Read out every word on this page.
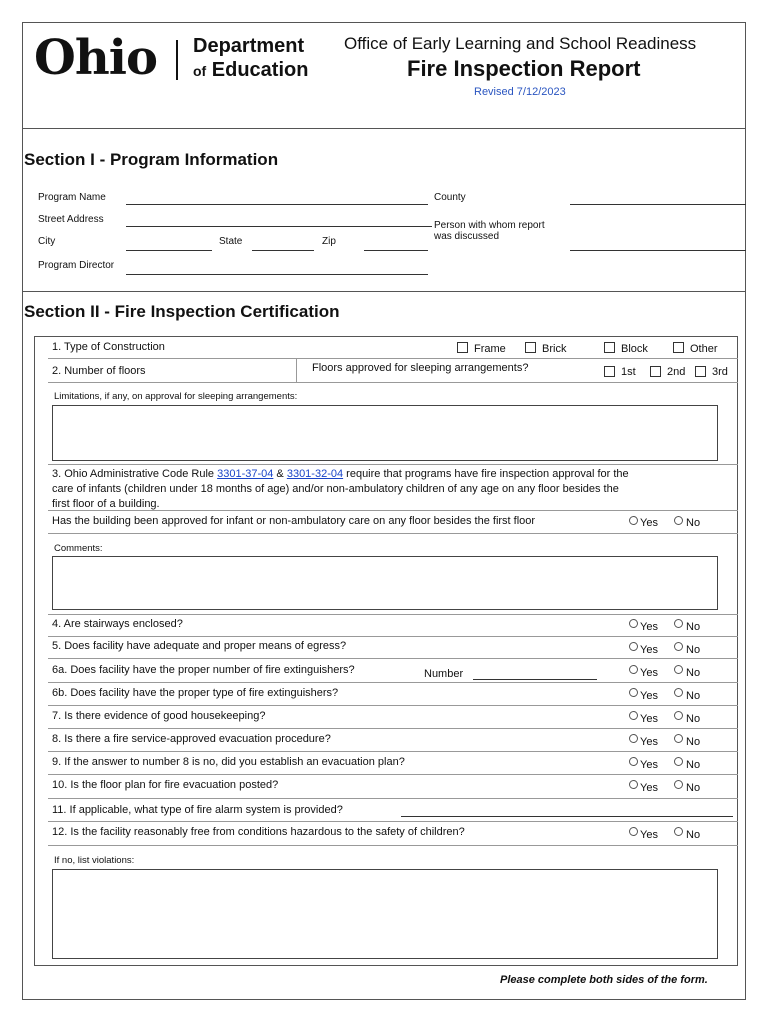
Ohio Department
of Education
Office of Early Learning and School Readiness
Fire Inspection Report
Revised 7/12/2023
Section I - Program Information
Program Name	County
Street Address
Person with whom report
was discussed
City	State	Zip
Program Director
Section II - Fire Inspection Certification
1. Type of Construction	Frame	Brick	Block	Other
2. Number of floors	Floors approved for sleeping arrangements?	1st	2nd 3rd
Limitations, if any, on approval for sleeping arrangements:
3. Ohio Administrative Code Rule 3301-37-04 & 3301-32-04 require that programs have fire inspection approval for the
care of infants (children under 18 months of age) and/or non-ambulatory children of any age on any floor besides the
first floor of a building.
Has the building been approved for infant or non-ambulatory care on any floor besides the first floor	Yes	No
Comments:
4. Are stairways enclosed?	Yes	No
5. Does facility have adequate and proper means of egress?	Yes	No
6a. Does facility have the proper number of fire extinguishers?	Number	Yes	No
6b. Does facility have the proper type of fire extinguishers?	Yes	No
7. Is there evidence of good housekeeping?	Yes	No
8. Is there a fire service-approved evacuation procedure?	Yes	No
9. If the answer to number 8 is no, did you establish an evacuation plan?	Yes	No
10. Is the floor plan for fire evacuation posted?	Yes	No
11. If applicable, what type of fire alarm system is provided?
12. Is the facility reasonably free from conditions hazardous to the safety of children?	Yes	No
If no, list violations:
Please complete both sides of the form.
